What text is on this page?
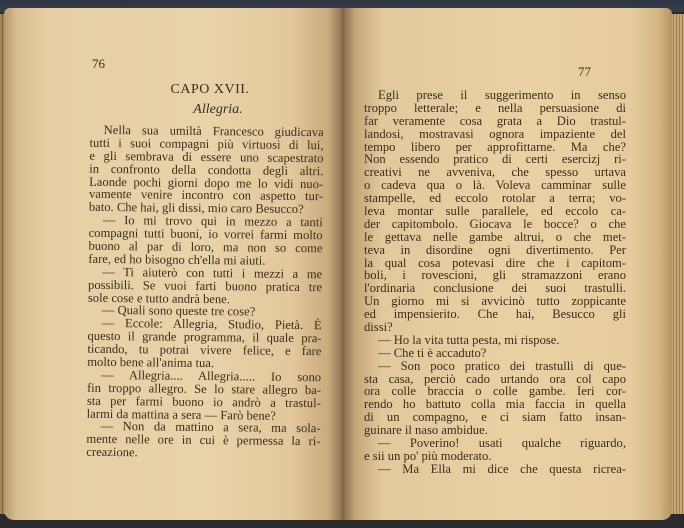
76
CAPO XVII.
Allegria.
Nella sua umiltà Francesco giudicava
tutti i suoi compagni più virtuosi di lui,
e gli sembrava di essere uno scapestrato
in confronto della condotta degli altri.
Laonde pochi giorni dopo me lo vidi nuo-
vamente venire incontro con aspetto tur-
bato. Che hai, gli dissi, mio caro Besucco?
— Io mi trovo qui in mezzo a tanti
compagni tutti buoni, io vorrei farmi molto
buono al par di loro, ma non so come
fare, ed ho bisogno ch'ella mi aiuti.
— Ti aiuterò con tutti i mezzi a me
possibili. Se vuoi farti buono pratica tre
sole cose e tutto andrà bene.
— Quali sono queste tre cose?
— Eccole: Allegria, Studio, Pietà. È
questo il grande programma, il quale pra-
ticando, tu potrai vivere felice, e fare
molto bene all'anima tua.
— Allegria.... Allegria..... Io sono
fin troppo allegro. Se lo stare allegro ba-
sta per farmi buono io andrò a trastul-
larmi da mattina a sera — Farò bene?
— Non da mattino a sera, ma sola-
mente nelle ore in cui è permessa la ri-
creazione.
77
Egli prese il suggerimento in senso
troppo letterale; e nella persuasione di
far veramente cosa grata a Dio trastul-
landosi, mostravasi ognora impaziente del
tempo libero per approfittarne. Ma che?
Non essendo pratico di certi esercizj ri-
creativi ne avveniva, che spesso urtava
o cadeva qua o là. Voleva camminar sulle
stampelle, ed eccolo rotolar a terra; vo-
leva montar sulle parallele, ed eccolo ca-
der capitombolo. Giocava le bocce? o che
le gettava nelle gambe altrui, o che met-
teva in disordine ogni divertimento. Per
la qual cosa potevasi dire che i capitom-
boli, i rovescioni, gli stramazzoni erano
l'ordinaria conclusione dei suoi trastulli.
Un giorno mi si avvicinò tutto zoppicante
ed impensierito. Che hai, Besucco gli
dissi?
— Ho la vita tutta pesta, mi rispose.
— Che ti è accaduto?
— Son poco pratico dei trastulli di que-
sta casa, perciò cado urtando ora col capo
ora colle braccia o colle gambe. Ieri cor-
rendo ho battuto colla mia faccia in quella
di un compagno, e ci siam fatto insan-
guinare il naso ambidue.
— Poverino! usati qualche riguardo,
e sii un po' più moderato.
— Ma Ella mi dice che questa ricrea-
